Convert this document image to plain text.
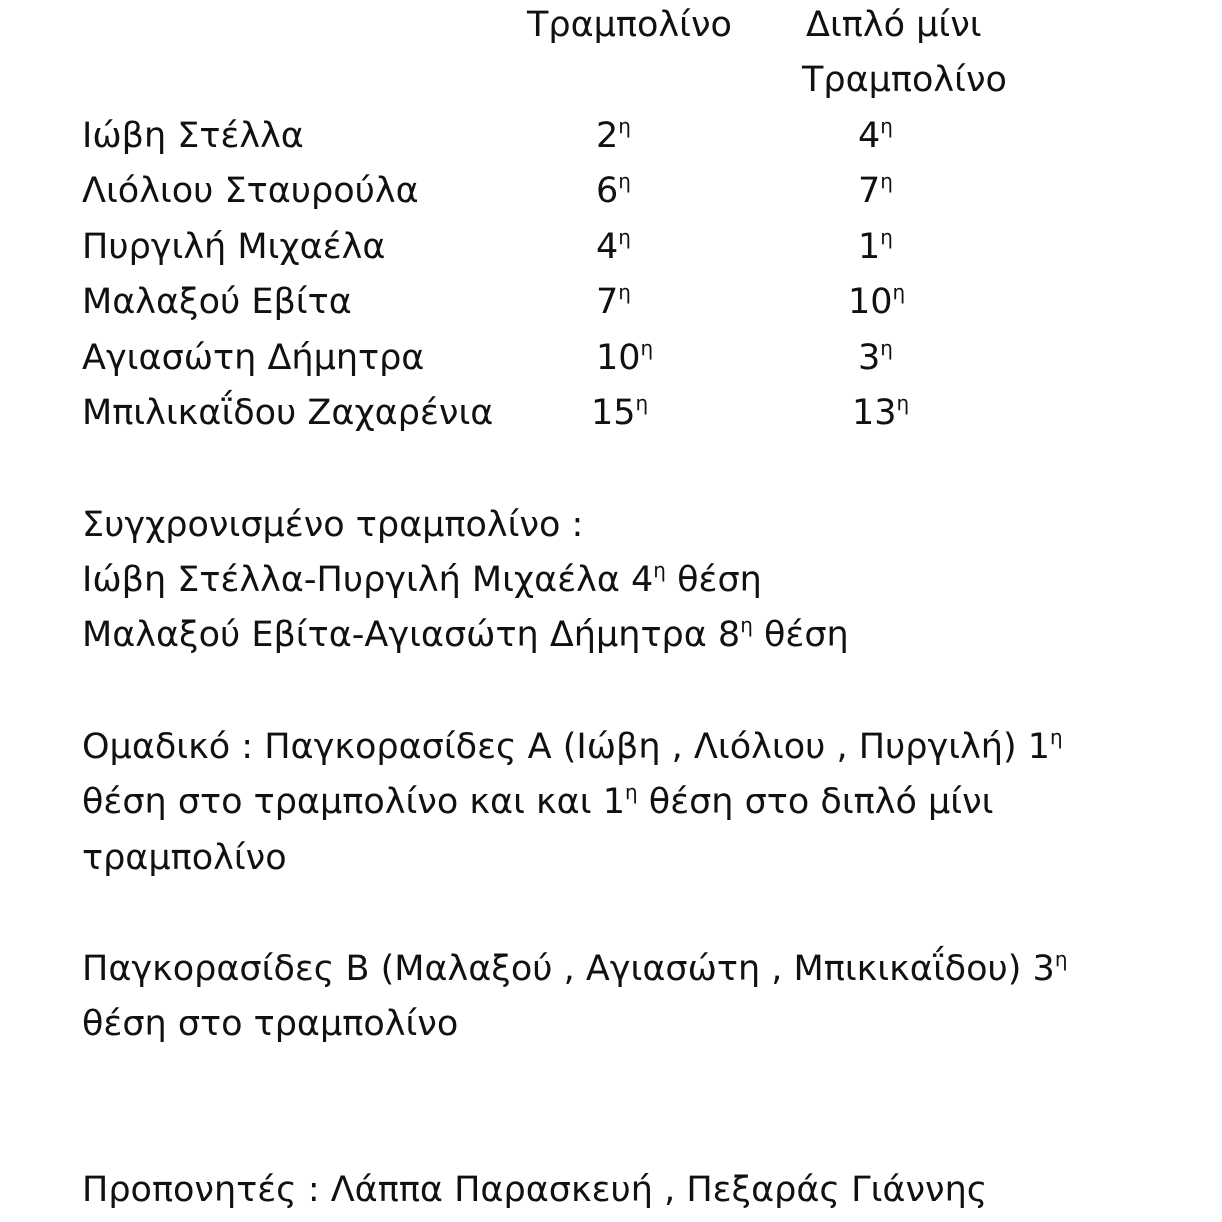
Τραμπολίνο Διπλό μίνι
Τραμπολίνο
Ιώβη Στέλλα	$2^\eta$	$4^\eta$
Λιόλιου Σταυρούλα	$6^\eta$	$7^\eta$
Πυργιλή Μιχαέλα	$4^\eta$	$1^\eta$
Μαλαξού Εβίτα	$7^\eta$	$10^\eta$
Αγιασώτη Δήμητρα	$10^\eta$	$3^\eta$
Μπιλικαΐδου Ζαχαρένια	$15^\eta$	$13^\eta$
Συγχρονισμένο τραμπολίνο :
Ιώβη Στέλλα-Πυργιλή Μιχαέλα $4^\eta$ θέση
Μαλαξού Εβίτα-Αγιασώτη Δήμητρα $8^\eta$ θέση
Ομαδικό : Παγκορασίδες Α (Ιώβη , Λιόλιου , Πυργιλή) $1^\eta$
θέση στο τραμπολίνο και και $1^\eta$ θέση στο διπλό μίνι
τραμπολίνο
Παγκορασίδες Β (Μαλαξού , Αγιασώτη , Μπικικαΐδου) $3^\eta$
θέση στο τραμπολίνο
Προπονητές : Λάππα Παρασκευή , Πεξαράς Γιάννης
